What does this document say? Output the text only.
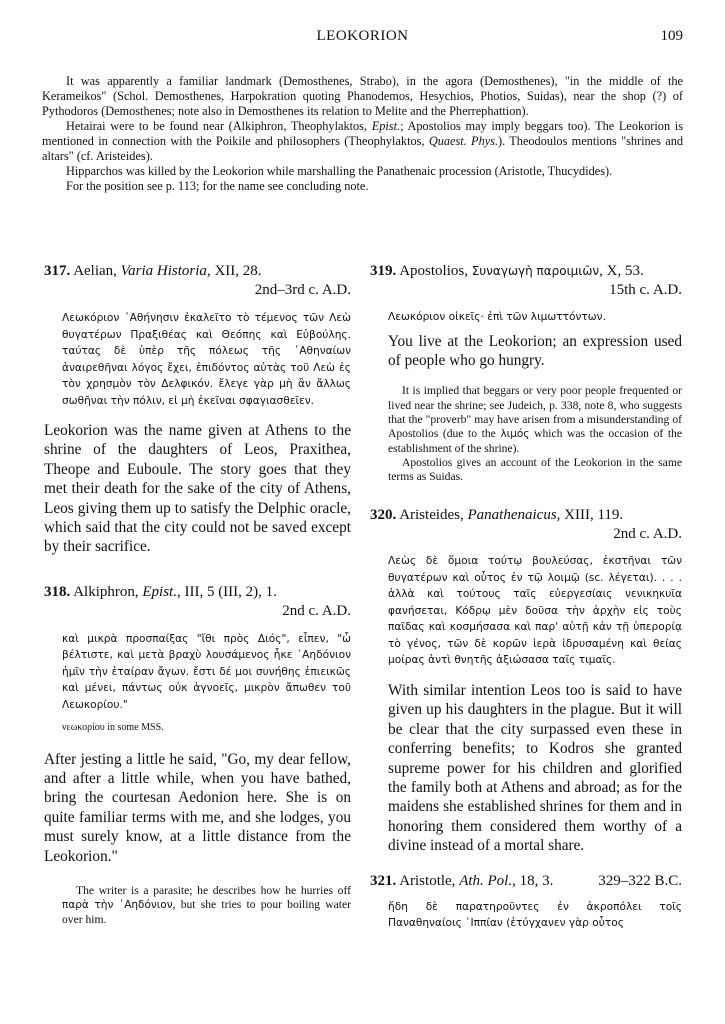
LEOKORION	109

It was apparently a familiar landmark (Demosthenes, Strabo), in the agora (Demosthenes), "in the middle of the Kerameikos" (Schol. Demosthenes, Harpokration quoting Phanodemos, Hesychios, Photios, Suidas), near the shop (?) of Pythodoros (Demosthenes; note also in Demosthenes its relation to Melite and the Pherrephattion).

Hetairai were to be found near (Alkiphron, Theophylaktos, Epist.; Apostolios may imply beggars too). The Leokorion is mentioned in connection with the Poikile and philosophers (Theophylaktos, Quaest. Phys.). Theodoulos mentions "shrines and altars" (cf. Aristeides).

Hipparchos was killed by the Leokorion while marshalling the Panathenaic procession (Aristotle, Thucydides).

For the position see p. 113; for the name see concluding note.

317. Aelian, Varia Historia, XII, 28.
2nd–3rd c. A.D.
Λεωκόριον ᾿Αθήνησιν ἐκαλεῖτο τὸ τέμενος τῶν Λεὼ θυγατέρων Πραξιθέας καὶ Θεόπης καὶ Εὐβούλης. ταύτας δὲ ὑπὲρ τῆς πόλεως τῆς ᾿Αθηναίων ἀναιρεθῆναι λόγος ἔχει, ἐπιδόντος αὐτὰς τοῦ Λεὼ ἐς τὸν χρησμὸν τὸν Δελφικόν. ἔλεγε γὰρ μὴ ἂν ἄλλως σωθῆναι τὴν πόλιν, εἰ μὴ ἐκεῖναι σφαγιασθεῖεν.
Leokorion was the name given at Athens to the shrine of the daughters of Leos, Praxithea, Theope and Euboule. The story goes that they met their death for the sake of the city of Athens, Leos giving them up to satisfy the Delphic oracle, which said that the city could not be saved except by their sacrifice.
318. Alkiphron, Epist., III, 5 (III, 2), 1.
2nd c. A.D.
καὶ μικρὰ προσπαίξας "ἴθι πρὸς Διός", εἶπεν, "ὦ βέλτιστε, καὶ μετὰ βραχὺ λουσάμενος ἧκε ᾿Αηδόνιον ἡμῖν τὴν ἑταίραν ἄγων. ἔστι δέ μοι συνήθης ἐπιεικῶς καὶ μένει, πάντως οὐκ ἀγνοεῖς, μικρὸν ἄπωθεν τοῦ Λεωκορίου."

νεωκορίου in some MSS.

After jesting a little he said, "Go, my dear fellow, and after a little while, when you have bathed, bring the courtesan Aedonion here. She is on quite familiar terms with me, and she lodges, you must surely know, at a little distance from the Leokorion."

The writer is a parasite; he describes how he hurries off παρὰ τὴν ᾿Αηδόνιον, but she tries to pour boiling water over him.

319. Apostolios, Συναγωγὴ παροιμιῶν, X, 53.
15th c. A.D.
Λεωκόριον οἰκεῖς· ἐπὶ τῶν λιμωττόντων.
You live at the Leokorion; an expression used of people who go hungry.

It is implied that beggars or very poor people frequented or lived near the shrine; see Judeich, p. 338, note 8, who suggests that the "proverb" may have arisen from a misunderstanding of Apostolios (due to the λιμός which was the occasion of the establishment of the shrine).

Apostolios gives an account of the Leokorion in the same terms as Suidas.

320. Aristeides, Panathenaicus, XIII, 119.
2nd c. A.D.
Λεὼς δὲ ὅμοια τούτῳ βουλεύσας, ἐκστῆναι τῶν θυγατέρων καὶ οὗτος ἐν τῷ λοιμῷ (sc. λέγεται). . . . ἀλλὰ καὶ τούτους ταῖς εὐεργεσίαις νενικηκυῖα φανήσεται, Κόδρῳ μὲν δοῦσα τὴν ἀρχὴν εἰς τοὺς παῖδας καὶ κοσμήσασα καὶ παρ' αὑτῇ κἀν τῇ ὑπερορίᾳ τὸ γένος, τῶν δὲ κορῶν ἱερὰ ἱδρυσαμένη καὶ θείας μοίρας ἀντὶ θνητῆς ἀξιώσασα ταῖς τιμαῖς.
With similar intention Leos too is said to have given up his daughters in the plague. But it will be clear that the city surpassed even these in conferring benefits; to Kodros she granted supreme power for his children and glorified the family both at Athens and abroad; as for the maidens she established shrines for them and in honoring them considered them worthy of a divine instead of a mortal share.
321. Aristotle, Ath. Pol., 18, 3.	329–322 B.C.
ἤδη δὲ παρατηροῦντες ἐν ἀκροπόλει τοῖς Παναθηναίοις ῾Ιππίαν (ἐτύγχανεν γὰρ οὗτος
